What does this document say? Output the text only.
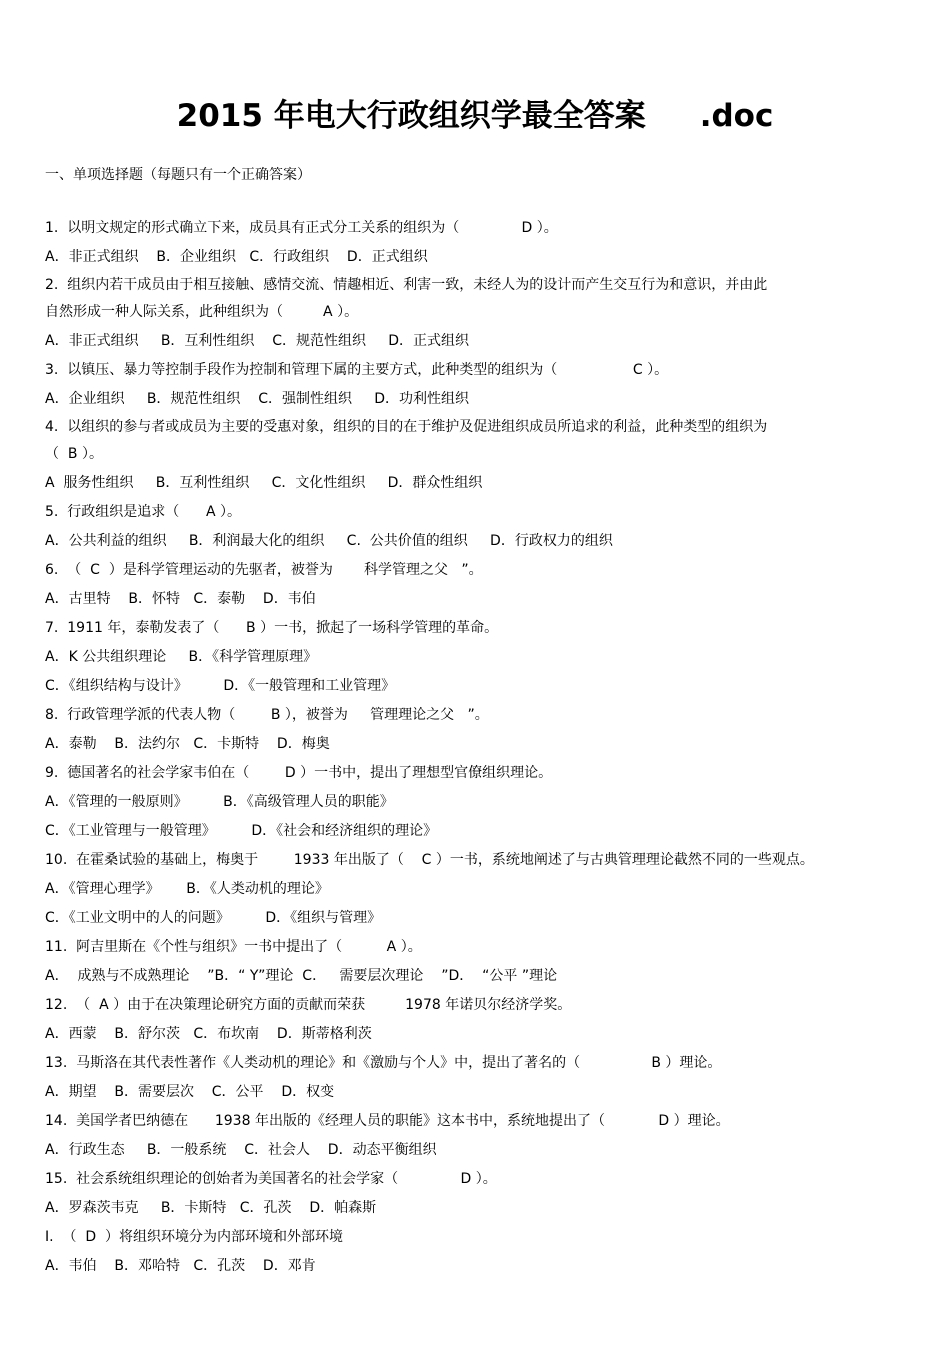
2015 年电大行政组织学最全答案     .doc
一、单项选择题（每题只有一个正确答案）
1.  以明文规定的形式确立下来，成员具有正式分工关系的组织为（              D ）。
A．非正式组织    B．企业组织   C．行政组织    D．正式组织
2.  组织内若干成员由于相互接触、感情交流、情趣相近、利害一致，未经人为的设计而产生交互行为和意识，并由此
自然形成一种人际关系，此种组织为（         A ）。
A．非正式组织     B．互利性组织    C．规范性组织     D．正式组织
3.  以镇压、暴力等控制手段作为控制和管理下属的主要方式，此种类型的组织为（                 C ）。
A．企业组织     B．规范性组织    C．强制性组织     D．功利性组织
4.  以组织的参与者或成员为主要的受惠对象，组织的目的在于维护及促进组织成员所追求的利益，此种类型的组织为
（  B ）。
A  服务性组织     B．互利性组织     C．文化性组织     D．群众性组织
5.  行政组织是追求（      A ）。
A．公共利益的组织     B．利润最大化的组织     C.  公共价值的组织     D．行政权力的组织
6.  （  C  ）是科学管理运动的先驱者，被誉为       科学管理之父   ”。
A．古里特    B．怀特   C．泰勒    D．韦伯
7.  1911 年，泰勒发表了（      B ）一书，掀起了一场科学管理的革命。
A．K 公共组织理论     B．《科学管理原理》
C．《组织结构与设计》        D．《一般管理和工业管理》
8.  行政管理学派的代表人物（        B ），被誉为     管理理论之父   ”。
A．泰勒    B．法约尔   C．卡斯特    D．梅奥
9.  德国著名的社会学家韦伯在（        D ）一书中，提出了理想型官僚组织理论。
A．《管理的一般原则》        B．《高级管理人员的职能》
C．《工业管理与一般管理》        D．《社会和经济组织的理论》
10.  在霍桑试验的基础上，梅奥于        1933 年出版了（    C ）一书，系统地阐述了与古典管理理论截然不同的一些观点。
A．《管理心理学》      B．《人类动机的理论》
C．《工业文明中的人的问题》        D．《组织与管理》
11.  阿吉里斯在《个性与组织》一书中提出了（          A ）。
A．  成熟与不成熟理论    ”B．“ Y”理论  C．   需要层次理论    ”D．  “公平 ”理论
12.  （  A ）由于在决策理论研究方面的贡献而荣获         1978 年诺贝尔经济学奖。
A．西蒙    B．舒尔茨   C．布坎南    D．斯蒂格利茨
13.  马斯洛在其代表性著作《人类动机的理论》和《激励与个人》中，提出了著名的（                B ）理论。
A．期望    B．需要层次    C．公平    D．权变
14.  美国学者巴纳德在      1938 年出版的《经理人员的职能》这本书中，系统地提出了（            D ）理论。
A．行政生态     B．一般系统    C．社会人    D．动态平衡组织
15.  社会系统组织理论的创始者为美国著名的社会学家（              D ）。
A．罗森茨韦克     B．卡斯特   C．孔茨    D．帕森斯
I.  （  D  ）将组织环境分为内部环境和外部环境
A．韦伯    B．邓哈特   C．孔茨    D．邓肯
